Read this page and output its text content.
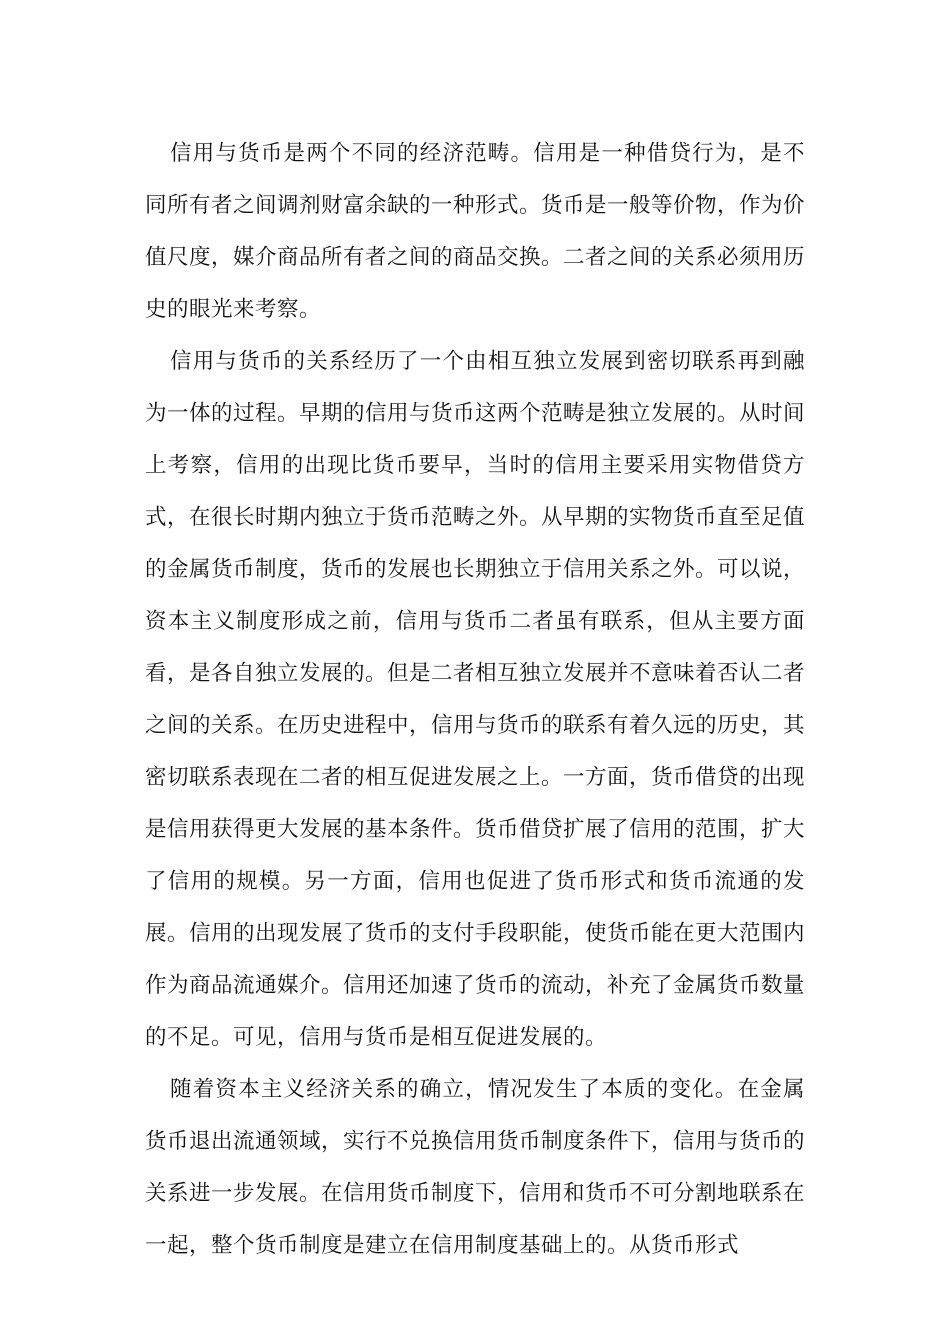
信用与货币是两个不同的经济范畴。信用是一种借贷行为，是不同所有者之间调剂财富余缺的一种形式。货币是一般等价物，作为价值尺度，媒介商品所有者之间的商品交换。二者之间的关系必须用历史的眼光来考察。

信用与货币的关系经历了一个由相互独立发展到密切联系再到融为一体的过程。早期的信用与货币这两个范畴是独立发展的。从时间上考察，信用的出现比货币要早，当时的信用主要采用实物借贷方式，在很长时期内独立于货币范畴之外。从早期的实物货币直至足值的金属货币制度，货币的发展也长期独立于信用关系之外。可以说，资本主义制度形成之前，信用与货币二者虽有联系，但从主要方面看，是各自独立发展的。但是二者相互独立发展并不意味着否认二者之间的关系。在历史进程中，信用与货币的联系有着久远的历史，其密切联系表现在二者的相互促进发展之上。一方面，货币借贷的出现是信用获得更大发展的基本条件。货币借贷扩展了信用的范围，扩大了信用的规模。另一方面，信用也促进了货币形式和货币流通的发展。信用的出现发展了货币的支付手段职能，使货币能在更大范围内作为商品流通媒介。信用还加速了货币的流动，补充了金属货币数量的不足。可见，信用与货币是相互促进发展的。

随着资本主义经济关系的确立，情况发生了本质的变化。在金属货币退出流通领域，实行不兑换信用货币制度条件下，信用与货币的关系进一步发展。在信用货币制度下，信用和货币不可分割地联系在一起，整个货币制度是建立在信用制度基础上的。从货币形式
